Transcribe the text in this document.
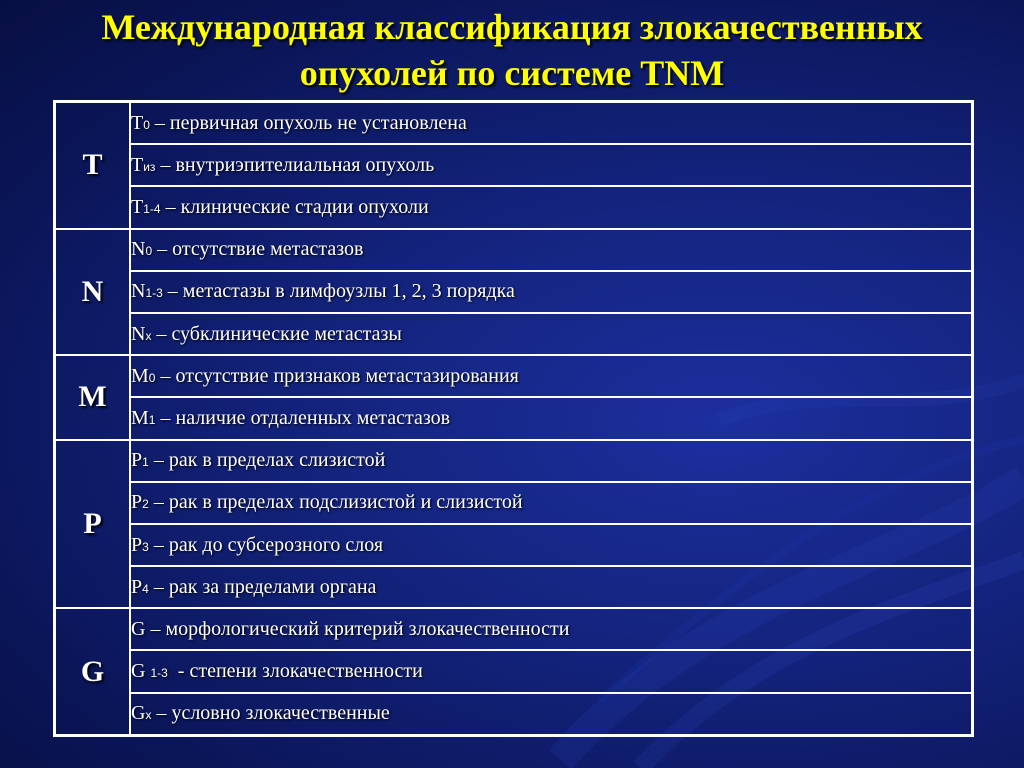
Международная классификация злокачественных
опухолей по системе TNM
T	T0 – первичная опухоль не установлена
	Tиз – внутриэпителиальная опухоль
	T1-4 – клинические стадии опухоли
N	N0 – отсутствие метастазов
	N1-3 – метастазы в лимфоузлы 1, 2, 3 порядка
	Nx – субклинические метастазы
M	M0 – отсутствие признаков метастазирования
	M1 – наличие отдаленных метастазов
P	P1 – рак в пределах слизистой
	P2 – рак в пределах подслизистой и слизистой
	P3 – рак до субсерозного слоя
	P4 – рак за пределами органа
G	G – морфологический критерий злокачественности
	G 1-3  - степени злокачественности
	Gx – условно злокачественные
